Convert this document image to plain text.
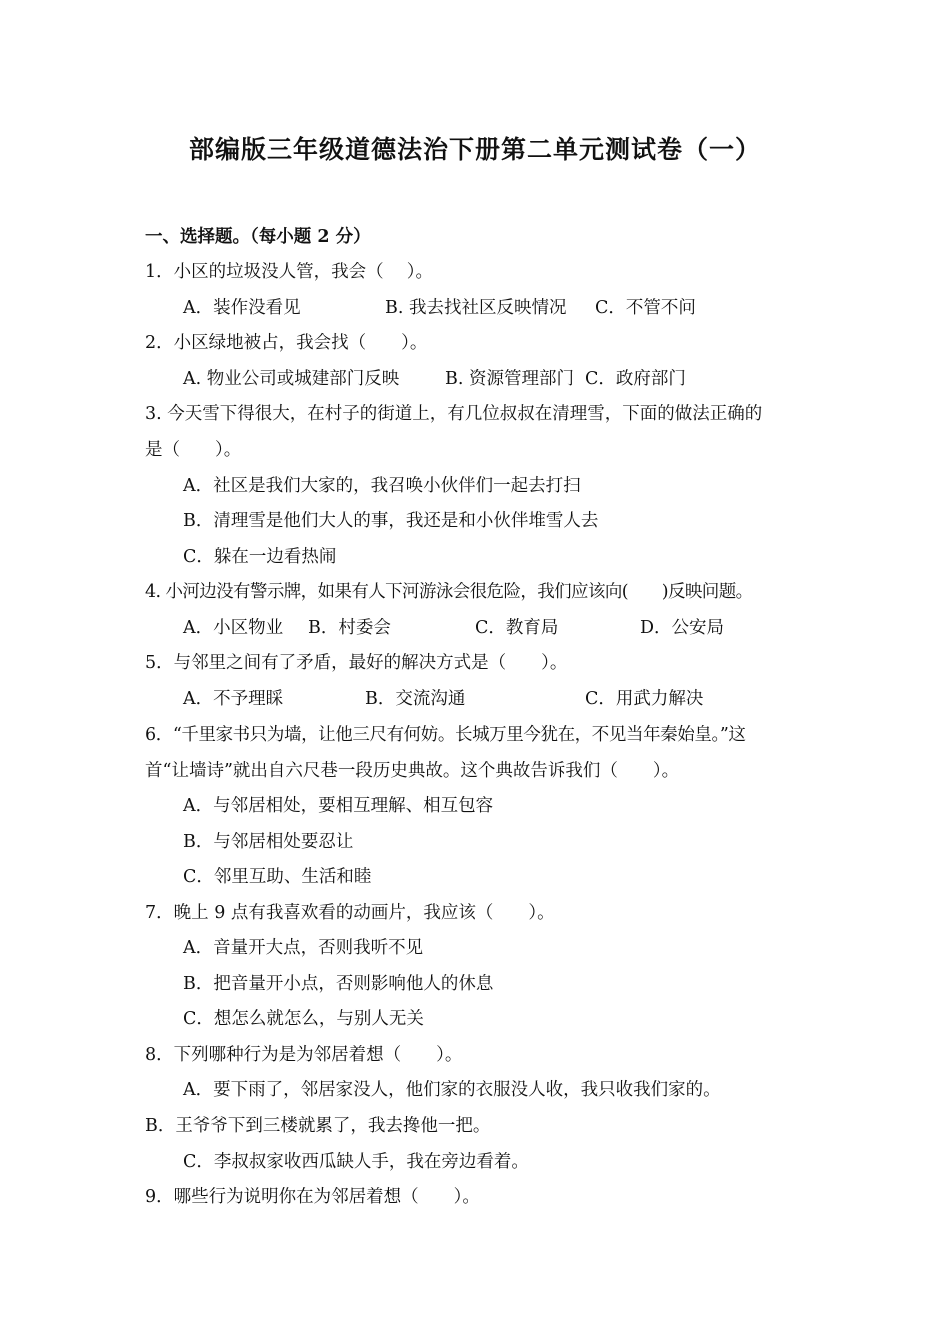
部编版三年级道德法治下册第二单元测试卷（一）
一、选择题。（每小题 2 分）
1．小区的垃圾没人管，我会（　 ）。
A．装作没看见	B. 我去找社区反映情况 C．不管不问
2．小区绿地被占，我会找（　　）。
A. 物业公司或城建部门反映	B. 资源管理部门 C．政府部门
3. 今天雪下得很大，在村子的街道上，有几位叔叔在清理雪，下面的做法正确的
是（　　）。
A．社区是我们大家的，我召唤小伙伴们一起去打扫
B．清理雪是他们大人的事，我还是和小伙伴堆雪人去
C．躲在一边看热闹
4. 小河边没有警示牌，如果有人下河游泳会很危险，我们应该向(　　)反映问题。
A．小区物业 B．村委会	C．教育局	D．公安局
5．与邻里之间有了矛盾，最好的解决方式是（　　）。
A．不予理睬	B．交流沟通	C．用武力解决
6．“千里家书只为墙，让他三尺有何妨。长城万里今犹在，不见当年秦始皇。”这
首“让墙诗”就出自六尺巷一段历史典故。这个典故告诉我们（　　）。
A．与邻居相处，要相互理解、相互包容
B．与邻居相处要忍让
C．邻里互助、生活和睦
7．晚上 9 点有我喜欢看的动画片，我应该（　　）。
A．音量开大点，否则我听不见
B．把音量开小点，否则影响他人的休息
C．想怎么就怎么，与别人无关
8．下列哪种行为是为邻居着想（　　）。
A．要下雨了，邻居家没人，他们家的衣服没人收，我只收我们家的。
B．王爷爷下到三楼就累了，我去搀他一把。
C．李叔叔家收西瓜缺人手，我在旁边看着。
9．哪些行为说明你在为邻居着想（　　）。
